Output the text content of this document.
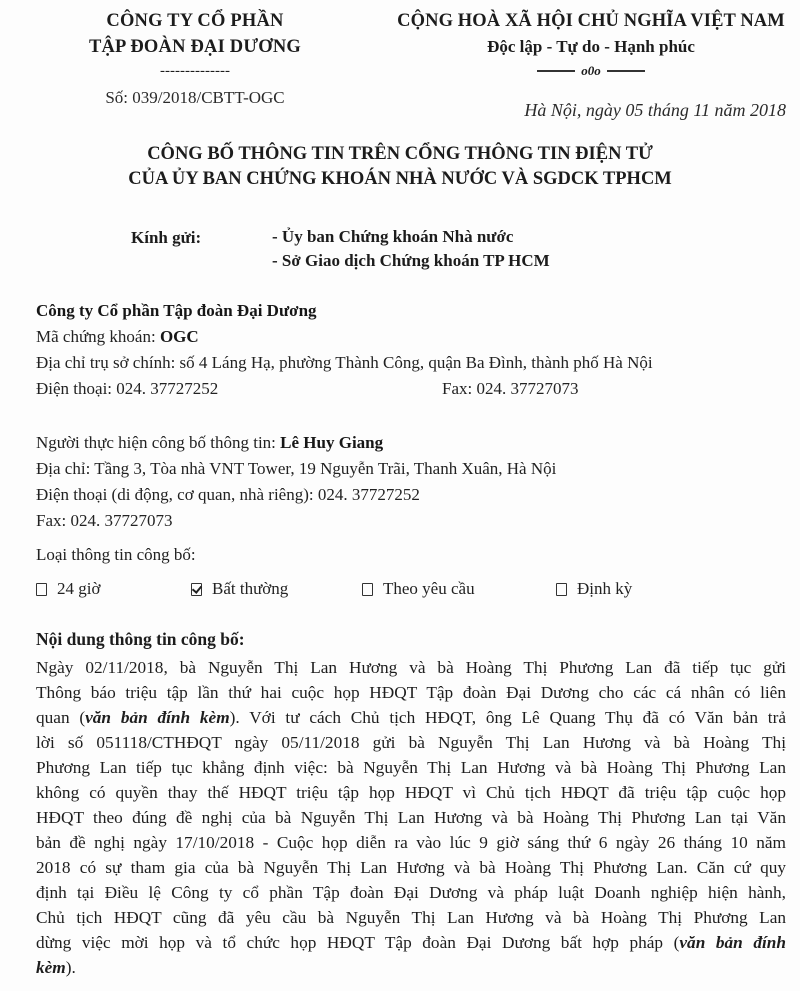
CÔNG TY CỔ PHẦN
TẬP ĐOÀN ĐẠI DƯƠNG
--------------
Số: 039/2018/CBTT-OGC
CỘNG HOÀ XÃ HỘI CHỦ NGHĨA VIỆT NAM
Độc lập - Tự do - Hạnh phúc
o0o
Hà Nội, ngày 05 tháng 11 năm 2018
CÔNG BỐ THÔNG TIN TRÊN CỔNG THÔNG TIN ĐIỆN TỬ
CỦA ỦY BAN CHỨNG KHOÁN NHÀ NƯỚC VÀ SGDCK TPHCM
Kính gửi:	- Ủy ban Chứng khoán Nhà nước
- Sở Giao dịch Chứng khoán TP HCM
Công ty Cổ phần Tập đoàn Đại Dương
Mã chứng khoán: OGC
Địa chỉ trụ sở chính: số 4 Láng Hạ, phường Thành Công, quận Ba Đình, thành phố Hà Nội
Điện thoại: 024. 37727252	Fax: 024. 37727073
Người thực hiện công bố thông tin: Lê Huy Giang
Địa chỉ: Tầng 3, Tòa nhà VNT Tower, 19 Nguyễn Trãi, Thanh Xuân, Hà Nội
Điện thoại (di động, cơ quan, nhà riêng): 024. 37727252
Fax: 024. 37727073
Loại thông tin công bố:
24 giờ	Bất thường	Theo yêu cầu	Định kỳ
Nội dung thông tin công bố:
Ngày 02/11/2018, bà Nguyễn Thị Lan Hương và bà Hoàng Thị Phương Lan đã tiếp tục gửi
Thông báo triệu tập lần thứ hai cuộc họp HĐQT Tập đoàn Đại Dương cho các cá nhân có liên
quan (văn bản đính kèm). Với tư cách Chủ tịch HĐQT, ông Lê Quang Thụ đã có Văn bản trả
lời số 051118/CTHĐQT ngày 05/11/2018 gửi bà Nguyễn Thị Lan Hương và bà Hoàng Thị
Phương Lan tiếp tục khẳng định việc: bà Nguyễn Thị Lan Hương và bà Hoàng Thị Phương Lan
không có quyền thay thế HĐQT triệu tập họp HĐQT vì Chủ tịch HĐQT đã triệu tập cuộc họp
HĐQT theo đúng đề nghị của bà Nguyễn Thị Lan Hương và bà Hoàng Thị Phương Lan tại Văn
bản đề nghị ngày 17/10/2018 - Cuộc họp diễn ra vào lúc 9 giờ sáng thứ 6 ngày 26 tháng 10 năm
2018 có sự tham gia của bà Nguyễn Thị Lan Hương và bà Hoàng Thị Phương Lan. Căn cứ quy
định tại Điều lệ Công ty cổ phần Tập đoàn Đại Dương và pháp luật Doanh nghiệp hiện hành,
Chủ tịch HĐQT cũng đã yêu cầu bà Nguyễn Thị Lan Hương và bà Hoàng Thị Phương Lan
dừng việc mời họp và tổ chức họp HĐQT Tập đoàn Đại Dương bất hợp pháp (văn bản đính
kèm).
